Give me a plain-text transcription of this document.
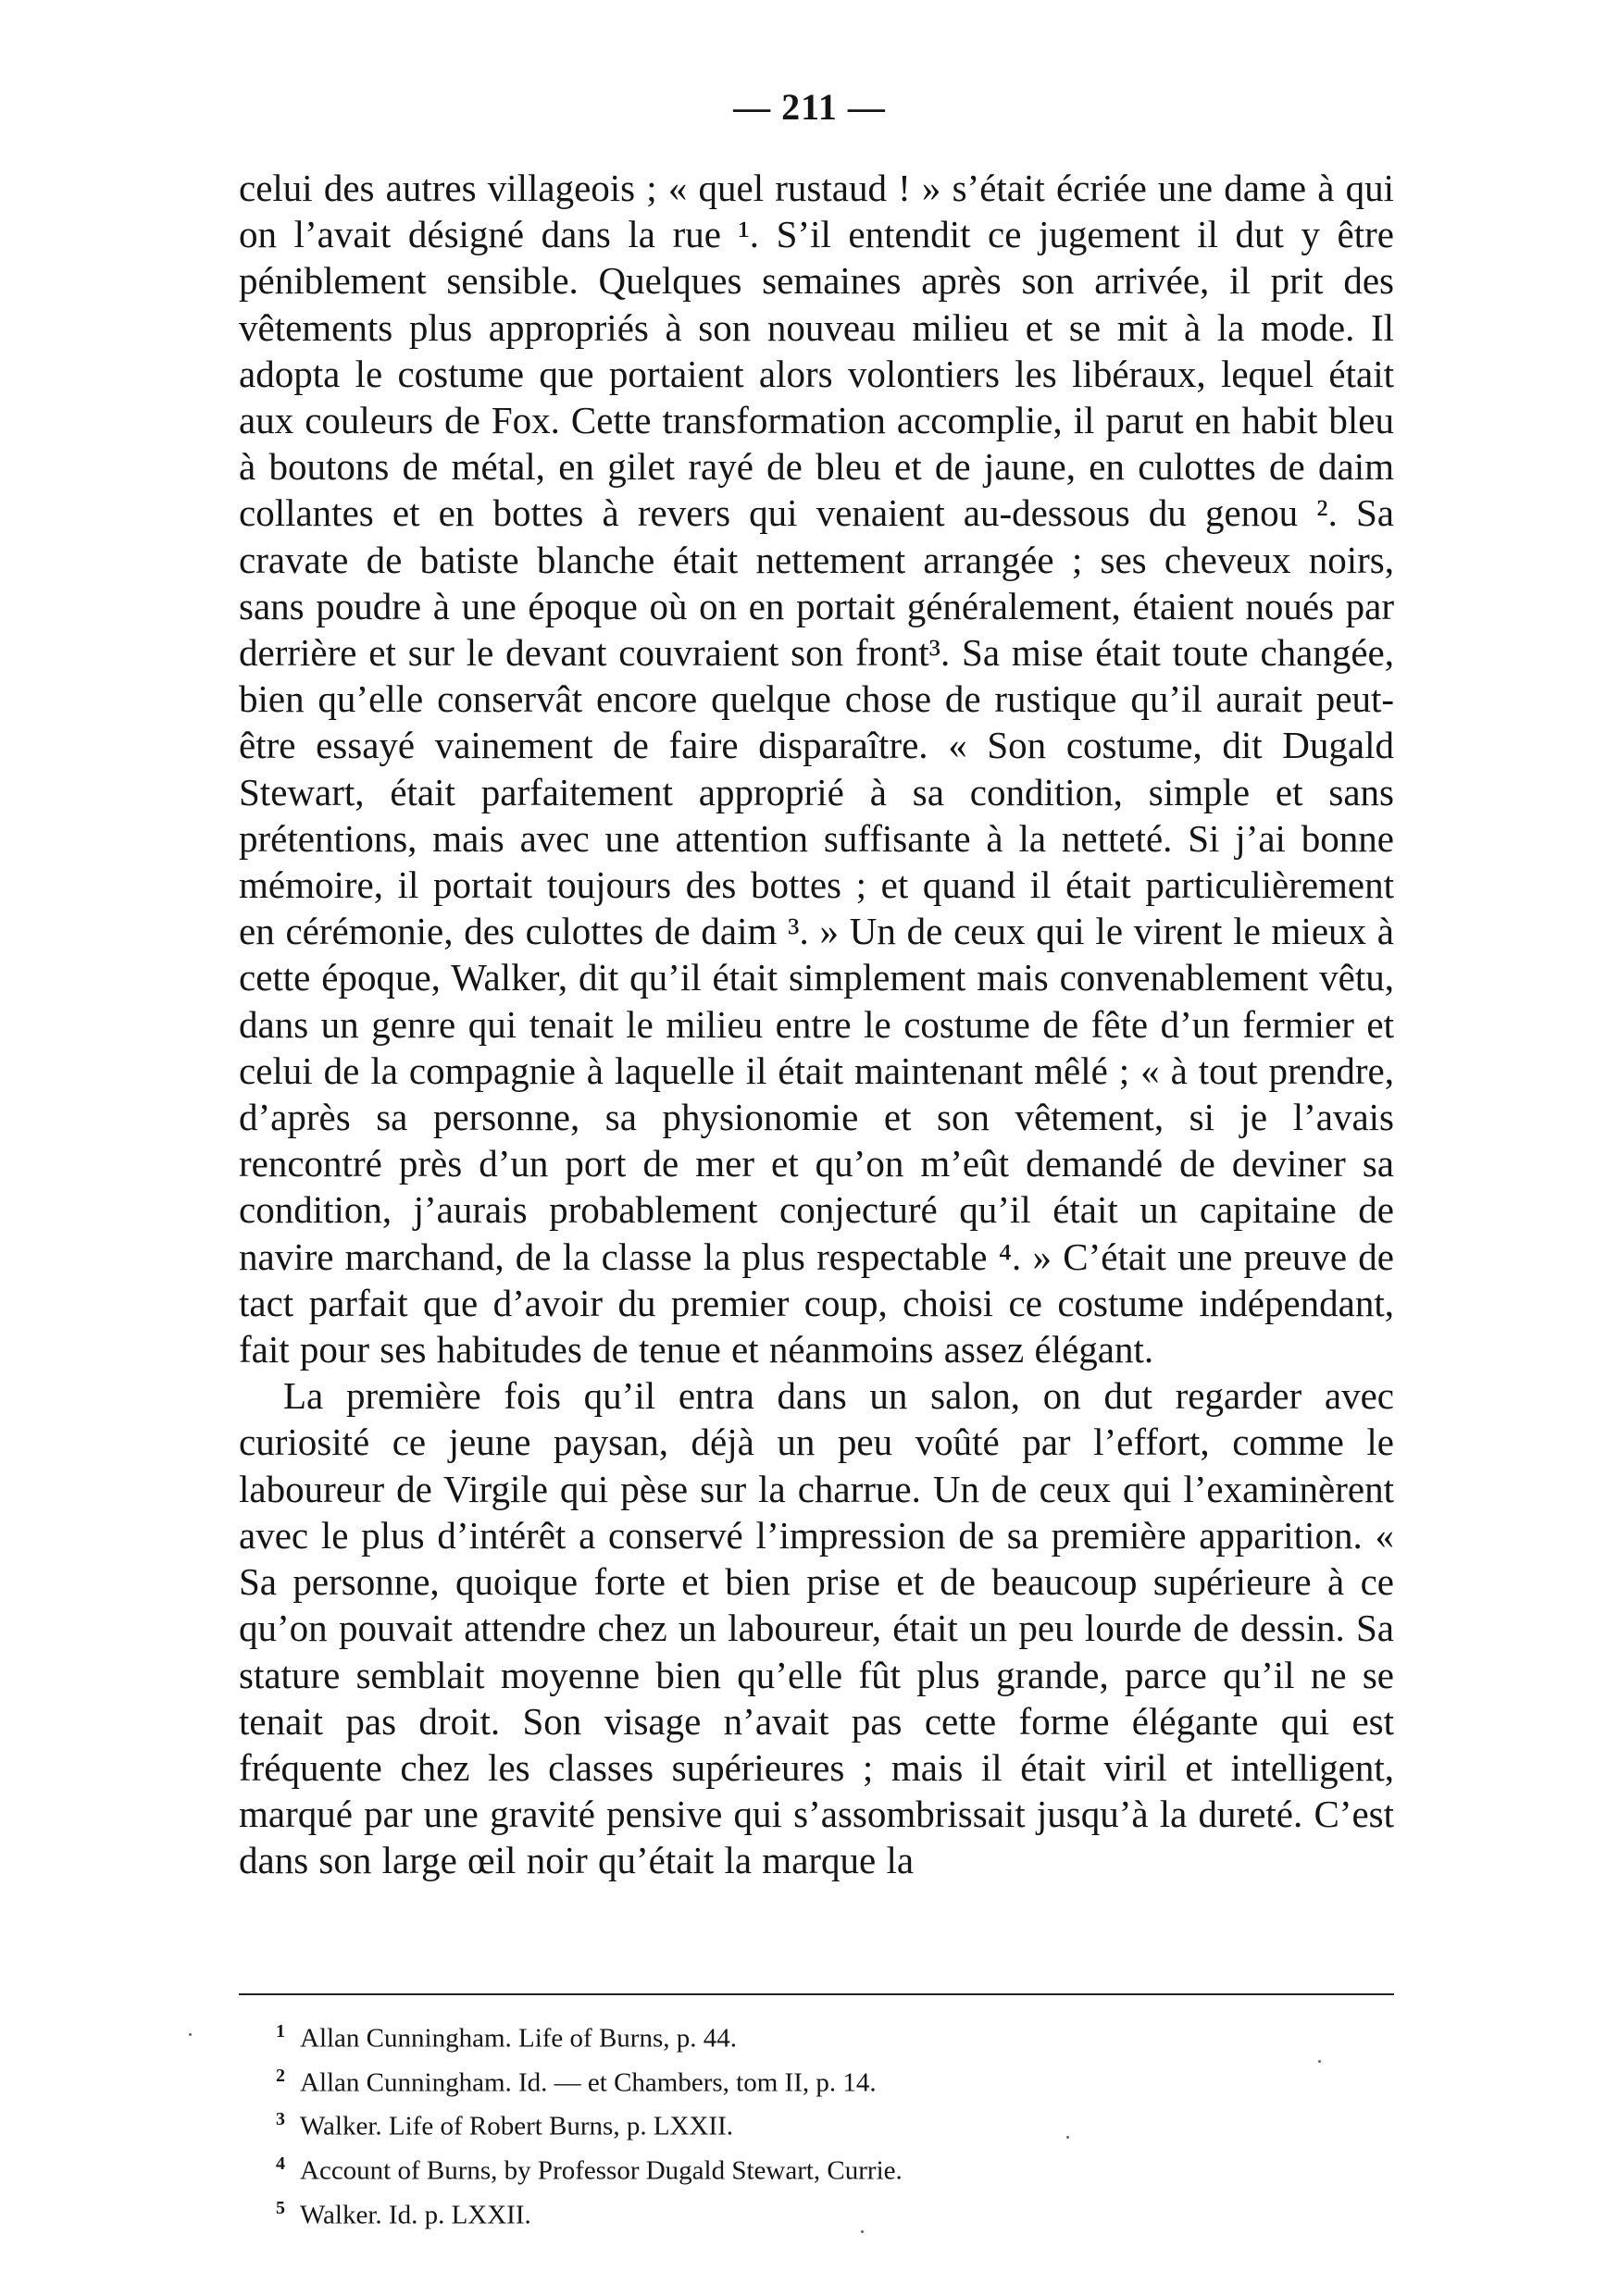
— 211 —

celui des autres villageois ; « quel rustaud ! » s’était écriée une dame à qui on l’avait désigné dans la rue ¹. S’il entendit ce jugement il dut y être péniblement sensible. Quelques semaines après son arrivée, il prit des vêtements plus appropriés à son nouveau milieu et se mit à la mode. Il adopta le costume que portaient alors volontiers les libéraux, lequel était aux couleurs de Fox. Cette transformation accomplie, il parut en habit bleu à boutons de métal, en gilet rayé de bleu et de jaune, en culottes de daim collantes et en bottes à revers qui venaient au-dessous du genou ². Sa cravate de batiste blanche était nettement arrangée ; ses cheveux noirs, sans poudre à une époque où on en portait généralement, étaient noués par derrière et sur le devant couvraient son front³. Sa mise était toute changée, bien qu’elle conservât encore quelque chose de rustique qu’il aurait peut-être essayé vainement de faire disparaître. « Son costume, dit Dugald Stewart, était parfaitement approprié à sa condition, simple et sans prétentions, mais avec une attention suffisante à la netteté. Si j’ai bonne mémoire, il portait toujours des bottes ; et quand il était particulièrement en cérémonie, des culottes de daim ³. » Un de ceux qui le virent le mieux à cette époque, Walker, dit qu’il était simplement mais convenablement vêtu, dans un genre qui tenait le milieu entre le costume de fête d’un fermier et celui de la compagnie à laquelle il était maintenant mêlé ; « à tout prendre, d’après sa personne, sa physionomie et son vêtement, si je l’avais rencontré près d’un port de mer et qu’on m’eût demandé de deviner sa condition, j’aurais probablement conjecturé qu’il était un capitaine de navire marchand, de la classe la plus respectable ⁴. » C’était une preuve de tact parfait que d’avoir du premier coup, choisi ce costume indépendant, fait pour ses habitudes de tenue et néanmoins assez élégant.

La première fois qu’il entra dans un salon, on dut regarder avec curiosité ce jeune paysan, déjà un peu voûté par l’effort, comme le laboureur de Virgile qui pèse sur la charrue. Un de ceux qui l’examinèrent avec le plus d’intérêt a conservé l’impression de sa première apparition. « Sa personne, quoique forte et bien prise et de beaucoup supérieure à ce qu’on pouvait attendre chez un laboureur, était un peu lourde de dessin. Sa stature semblait moyenne bien qu’elle fût plus grande, parce qu’il ne se tenait pas droit. Son visage n’avait pas cette forme élégante qui est fréquente chez les classes supérieures ; mais il était viril et intelligent, marqué par une gravité pensive qui s’assombrissait jusqu’à la dureté. C’est dans son large œil noir qu’était la marque la

$^1$ Allan Cunningham. Life of Burns, p. 44.
$^2$ Allan Cunningham. Id. — et Chambers, tom II, p. 14.
$^3$ Walker. Life of Robert Burns, p. LXXII.
$^4$ Account of Burns, by Professor Dugald Stewart, Currie.
$^5$ Walker. Id. p. LXXII.
